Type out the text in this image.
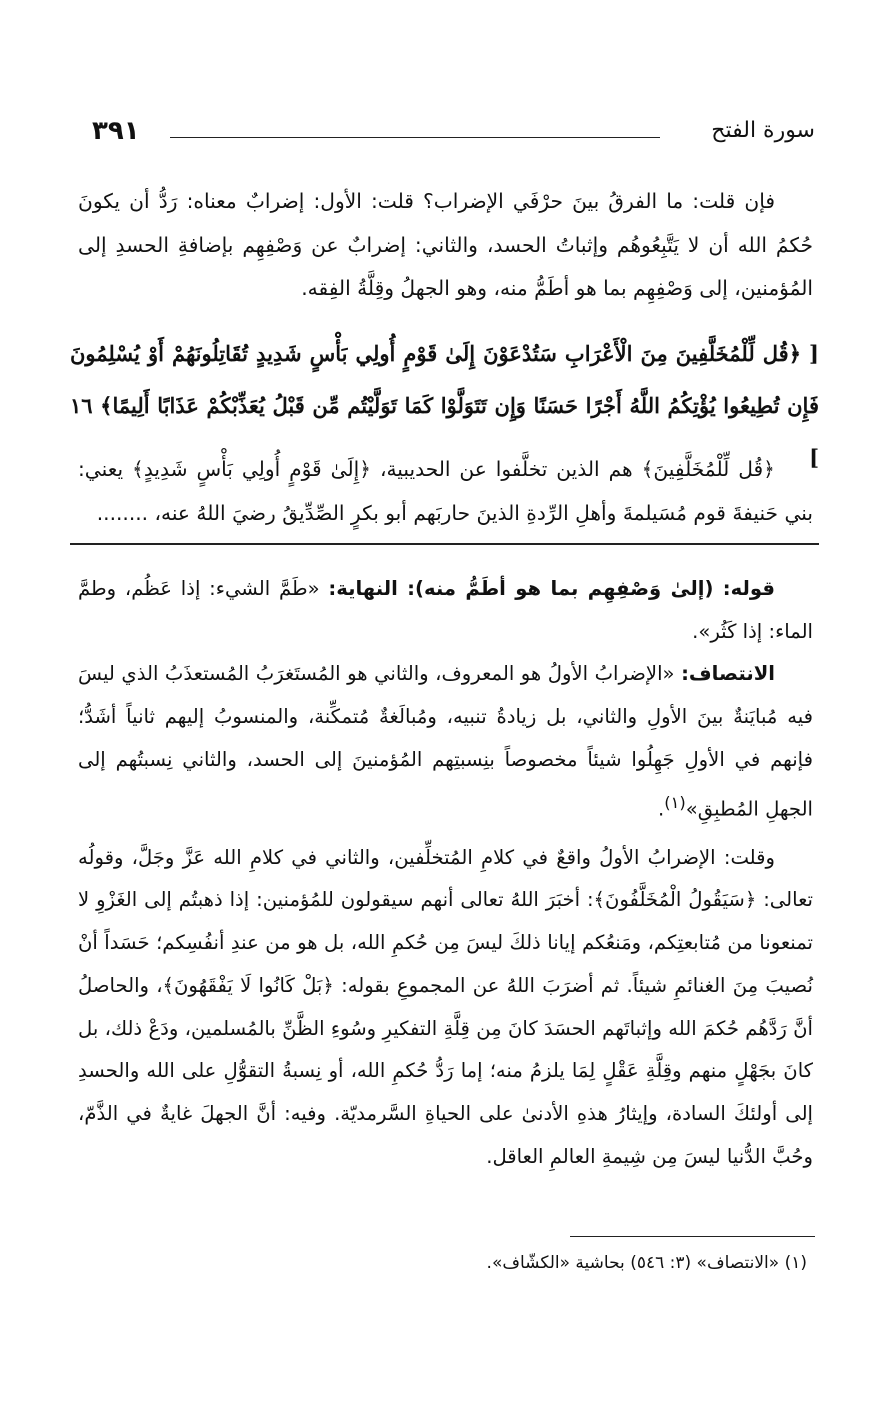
سورة الفتح
٣٩١

فإن قلت: ما الفرقُ بينَ حرْفَي الإضراب؟ قلت: الأول: إضرابٌ معناه: رَدُّ أن يكونَ حُكمُ الله أن لا يَتَّبِعُوهُم وإثباتُ الحسد، والثاني: إضرابٌ عن وَصْفِهِم بإضافةِ الحسدِ إلى المُؤمنين، إلى وَصْفِهِم بما هو أطَمُّ منه، وهو الجهلُ وقِلَّةُ الفِقه.

[ ﴿قُل لِّلْمُخَلَّفِينَ مِنَ الْأَعْرَابِ سَتُدْعَوْنَ إِلَىٰ قَوْمٍ أُولِي بَأْسٍ شَدِيدٍ تُقَاتِلُونَهُمْ أَوْ يُسْلِمُونَ فَإِن تُطِيعُوا يُؤْتِكُمُ اللَّهُ أَجْرًا حَسَنًا وَإِن تَتَوَلَّوْا كَمَا تَوَلَّيْتُم مِّن قَبْلُ يُعَذِّبْكُمْ عَذَابًا أَلِيمًا﴾ ١٦ ]

﴿قُل لِّلْمُخَلَّفِينَ﴾ هم الذين تخلَّفوا عن الحديبية، ﴿إِلَىٰ قَوْمٍ أُولِي بَأْسٍ شَدِيدٍ﴾ يعني: بني حَنيفةَ قوم مُسَيلمةَ وأهلِ الرِّدةِ الذينَ حاربَهم أبو بكرٍ الصِّدِّيقُ رضيَ اللهُ عنه، ........

قوله: (إلىٰ وَصْفِهِم بما هو أطَمُّ منه): النهاية: «طَمَّ الشيء: إذا عَظُم، وطمَّ الماء: إذا كَثُر».

الانتصاف: «الإضرابُ الأولُ هو المعروف، والثاني هو المُستَغرَبُ المُستعذَبُ الذي ليسَ فيه مُبايَنةٌ بينَ الأولِ والثاني، بل زيادةُ تنبيه، ومُبالَغةٌ مُتمكِّنة، والمنسوبُ إليهم ثانياً أشَدُّ؛ فإنهم في الأولِ جَهِلُوا شيئاً مخصوصاً بنِسبتِهم المُؤمنينَ إلى الحسد، والثاني نِسبتُهم إلى الجهلِ المُطبِقِ»$^{(١)}$.

وقلت: الإضرابُ الأولُ واقعٌ في كلامِ المُتخلِّفين، والثاني في كلامِ الله عَزَّ وجَلَّ، وقولُه تعالى: ﴿سَيَقُولُ الْمُخَلَّفُونَ﴾: أخبَرَ اللهُ تعالى أنهم سيقولون للمُؤمنين: إذا ذهبتُم إلى الغَزْوِ لا تمنعونا من مُتابعتِكم، ومَنعُكم إيانا ذلكَ ليسَ مِن حُكمِ الله، بل هو من عندِ أنفُسِكم؛ حَسَداً أنْ نُصيبَ مِنَ الغنائمِ شيئاً. ثم أضرَبَ اللهُ عن المجموعِ بقوله: ﴿بَلْ كَانُوا لَا يَفْقَهُونَ﴾، والحاصلُ أنَّ رَدَّهُم حُكمَ الله وإثباتَهم الحسَدَ كانَ مِن قِلَّةِ التفكيرِ وسُوءِ الظَّنِّ بالمُسلمين، ودَعْ ذلك، بل كانَ بجَهْلٍ منهم وقِلَّةِ عَقْلٍ لِمَا يلزمُ منه؛ إما رَدُّ حُكمِ الله، أو نِسبةُ التقوُّلِ على الله والحسدِ إلى أولئكَ السادة، وإيثارُ هذهِ الأدنىٰ على الحياةِ السَّرمديّة. وفيه: أنَّ الجهلَ غايةٌ في الذَّمّ، وحُبَّ الدُّنيا ليسَ مِن شِيمةِ العالمِ العاقل.

(١) «الانتصاف» (٣: ٥٤٦) بحاشية «الكشّاف».
